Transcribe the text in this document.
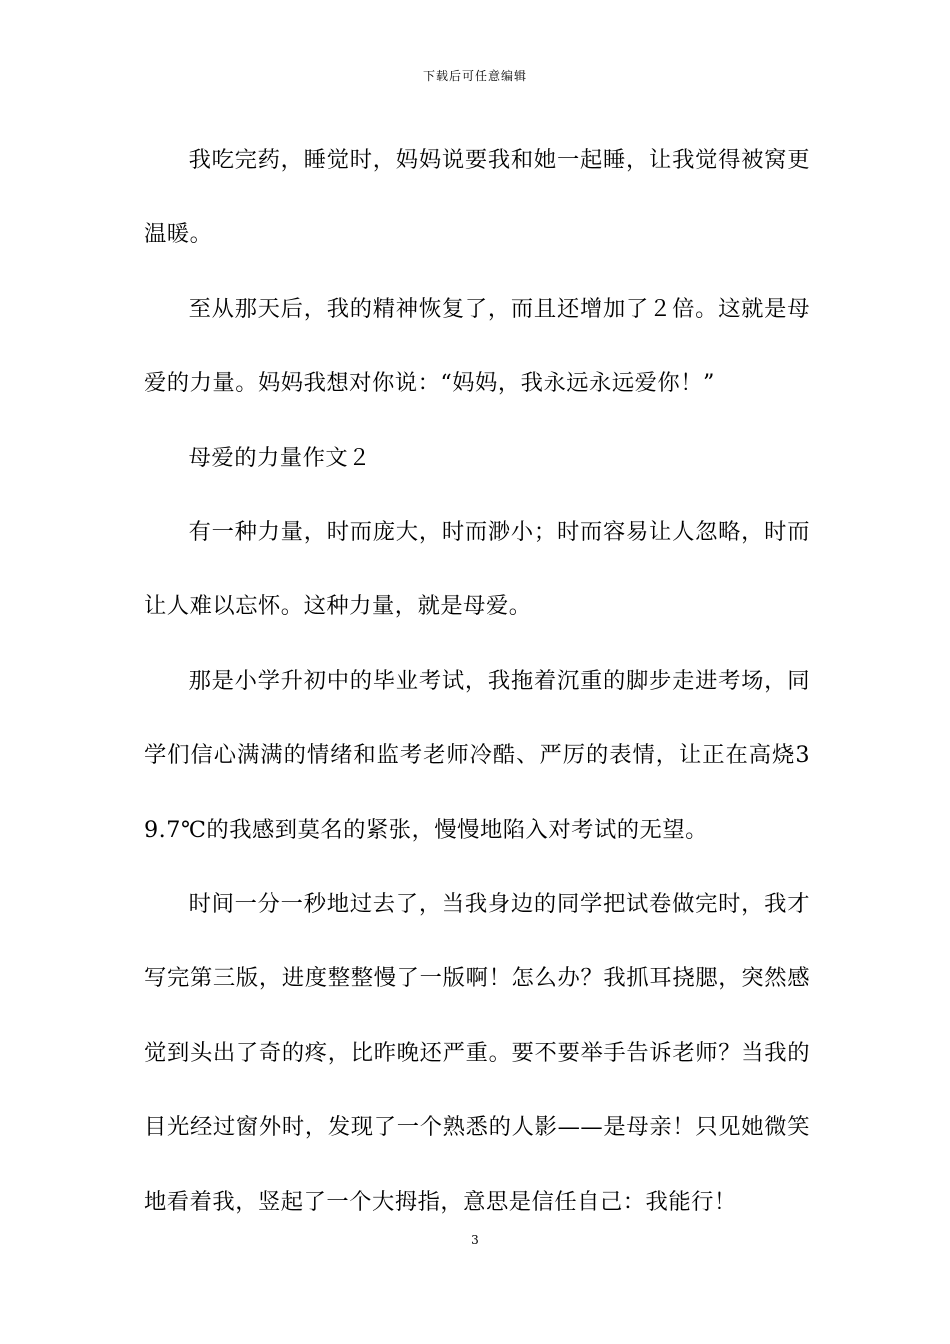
下载后可任意编辑

我吃完药，睡觉时，妈妈说要我和她一起睡，让我觉得被窝更温暖。

至从那天后，我的精神恢复了，而且还增加了２倍。这就是母爱的力量。妈妈我想对你说：“妈妈，我永远永远爱你！”

母爱的力量作文２

有一种力量，时而庞大，时而渺小；时而容易让人忽略，时而让人难以忘怀。这种力量，就是母爱。

那是小学升初中的毕业考试，我拖着沉重的脚步走进考场，同学们信心满满的情绪和监考老师冷酷、严厉的表情，让正在高烧39.7℃的我感到莫名的紧张，慢慢地陷入对考试的无望。

时间一分一秒地过去了，当我身边的同学把试卷做完时，我才写完第三版，进度整整慢了一版啊！怎么办？我抓耳挠腮，突然感觉到头出了奇的疼，比昨晚还严重。要不要举手告诉老师？当我的目光经过窗外时，发现了一个熟悉的人影——是母亲！只见她微笑地看着我，竖起了一个大拇指，意思是信任自己：我能行！

3
